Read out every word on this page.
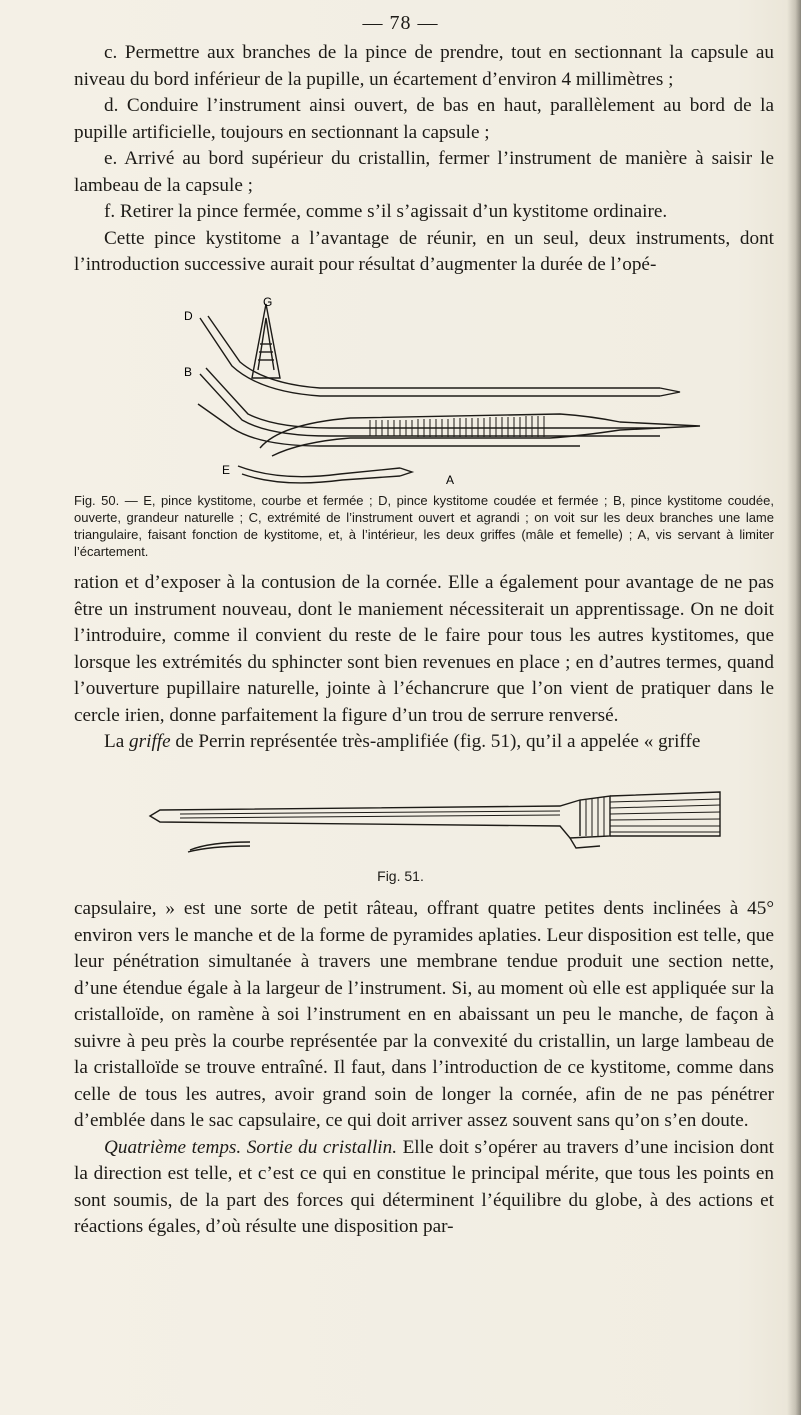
— 78 —

c. Permettre aux branches de la pince de prendre, tout en sectionnant la capsule au niveau du bord inférieur de la pupille, un écartement d’environ 4 millimètres ;

d. Conduire l’instrument ainsi ouvert, de bas en haut, parallèlement au bord de la pupille artificielle, toujours en sectionnant la capsule ;

e. Arrivé au bord supérieur du cristallin, fermer l’instrument de manière à saisir le lambeau de la capsule ;

f. Retirer la pince fermée, comme s’il s’agissait d’un kystitome ordinaire.

Cette pince kystitome a l’avantage de réunir, en un seul, deux instruments, dont l’introduction successive aurait pour résultat d’augmenter la durée de l’opé-

G
D
B
E
A

Fig. 50. — E, pince kystitome, courbe et fermée ; D, pince kystitome coudée et fermée ; B, pince kystitome coudée, ouverte, grandeur naturelle ; C, extrémité de l’instrument ouvert et agrandi ; on voit sur les deux branches une lame triangulaire, faisant fonction de kystitome, et, à l’intérieur, les deux griffes (mâle et femelle) ; A, vis servant à limiter l’écartement.

ration et d’exposer à la contusion de la cornée. Elle a également pour avantage de ne pas être un instrument nouveau, dont le maniement nécessiterait un apprentissage. On ne doit l’introduire, comme il convient du reste de le faire pour tous les autres kystitomes, que lorsque les extrémités du sphincter sont bien revenues en place ; en d’autres termes, quand l’ouverture pupillaire naturelle, jointe à l’échancrure que l’on vient de pratiquer dans le cercle irien, donne parfaitement la figure d’un trou de serrure renversé.

La griffe de Perrin représentée très-amplifiée (fig. 51), qu’il a appelée « griffe

Fig. 51.

capsulaire, » est une sorte de petit râteau, offrant quatre petites dents inclinées à 45° environ vers le manche et de la forme de pyramides aplaties. Leur disposition est telle, que leur pénétration simultanée à travers une membrane tendue produit une section nette, d’une étendue égale à la largeur de l’instrument. Si, au moment où elle est appliquée sur la cristalloïde, on ramène à soi l’instrument en en abaissant un peu le manche, de façon à suivre à peu près la courbe représentée par la convexité du cristallin, un large lambeau de la cristalloïde se trouve entraîné. Il faut, dans l’introduction de ce kystitome, comme dans celle de tous les autres, avoir grand soin de longer la cornée, afin de ne pas pénétrer d’emblée dans le sac capsulaire, ce qui doit arriver assez souvent sans qu’on s’en doute.

Quatrième temps. Sortie du cristallin. Elle doit s’opérer au travers d’une incision dont la direction est telle, et c’est ce qui en constitue le principal mérite, que tous les points en sont soumis, de la part des forces qui déterminent l’équilibre du globe, à des actions et réactions égales, d’où résulte une disposition par-
